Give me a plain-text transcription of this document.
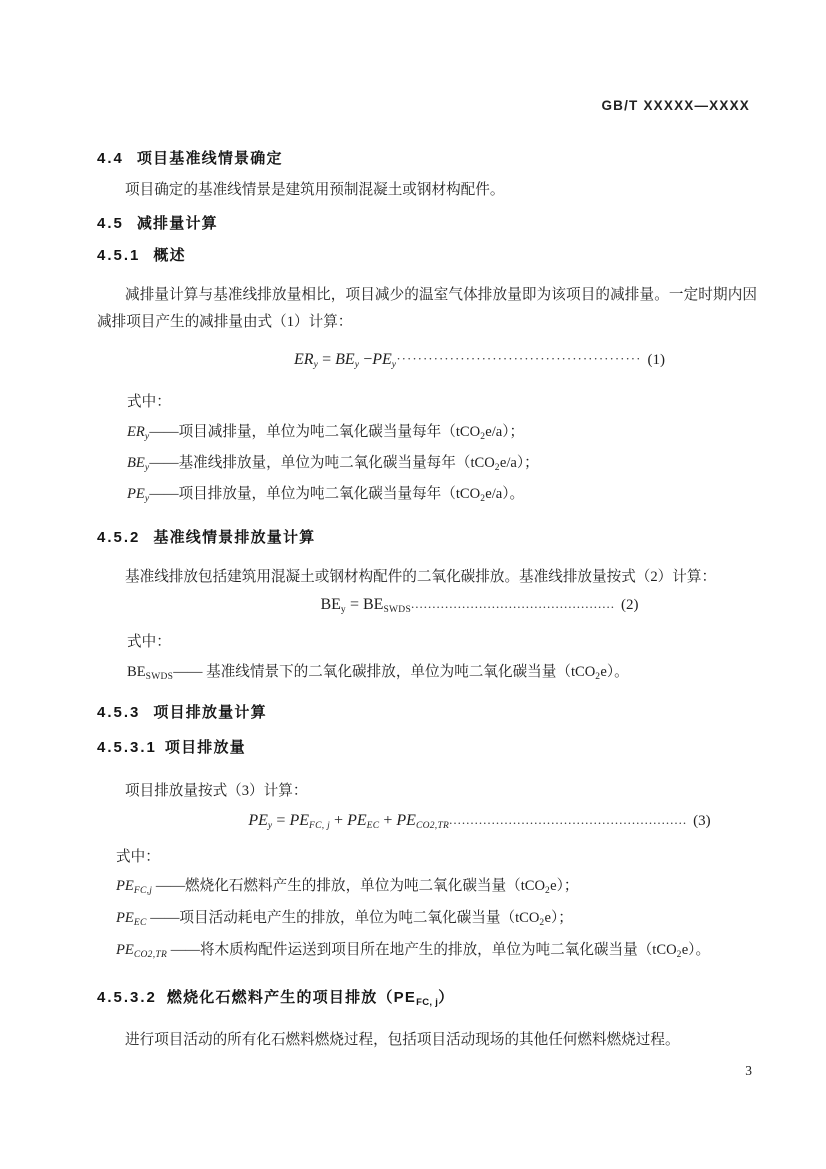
GB/T XXXXX—XXXX
4.4 项目基准线情景确定
项目确定的基准线情景是建筑用预制混凝土或钢材构配件。
4.5 减排量计算
4.5.1 概述
减排量计算与基准线排放量相比，项目减少的温室气体排放量即为该项目的减排量。一定时期内因减排项目产生的减排量由式（1）计算：
ERy = BEy −PEy·············································· (1)
式中：
$ER_y——$项目减排量，单位为吨二氧化碳当量每年（tCO$_2$e/a）；
$BE_y——$基准线排放量，单位为吨二氧化碳当量每年（tCO$_2$e/a）；
$PE_y——$项目排放量，单位为吨二氧化碳当量每年（tCO$_2$e/a）。
4.5.2 基准线情景排放量计算
基准线排放包括建筑用混凝土或钢材构配件的二氧化碳排放。基准线排放量按式（2）计算：
BEy = BESWDS................................................ (2)
式中：
$BE_{SWDS}——$ 基准线情景下的二氧化碳排放，单位为吨二氧化碳当量（tCO$_2$e）。
4.5.3 项目排放量计算
4.5.3.1 项目排放量
项目排放量按式（3）计算：
PEy = PEFC, j + PEEC + PECO2,TR........................................................ (3)
式中：
$PE_{FC,j}$ ——燃烧化石燃料产生的排放，单位为吨二氧化碳当量（tCO$_2$e）；
$PE_{EC}$ ——项目活动耗电产生的排放，单位为吨二氧化碳当量（tCO$_2$e）；
$PE_{CO2,TR}$ ——将木质构配件运送到项目所在地产生的排放，单位为吨二氧化碳当量（tCO$_2$e）。
4.5.3.2 燃烧化石燃料产生的项目排放$(PE_{FC, j})$
进行项目活动的所有化石燃料燃烧过程，包括项目活动现场的其他任何燃料燃烧过程。
3
